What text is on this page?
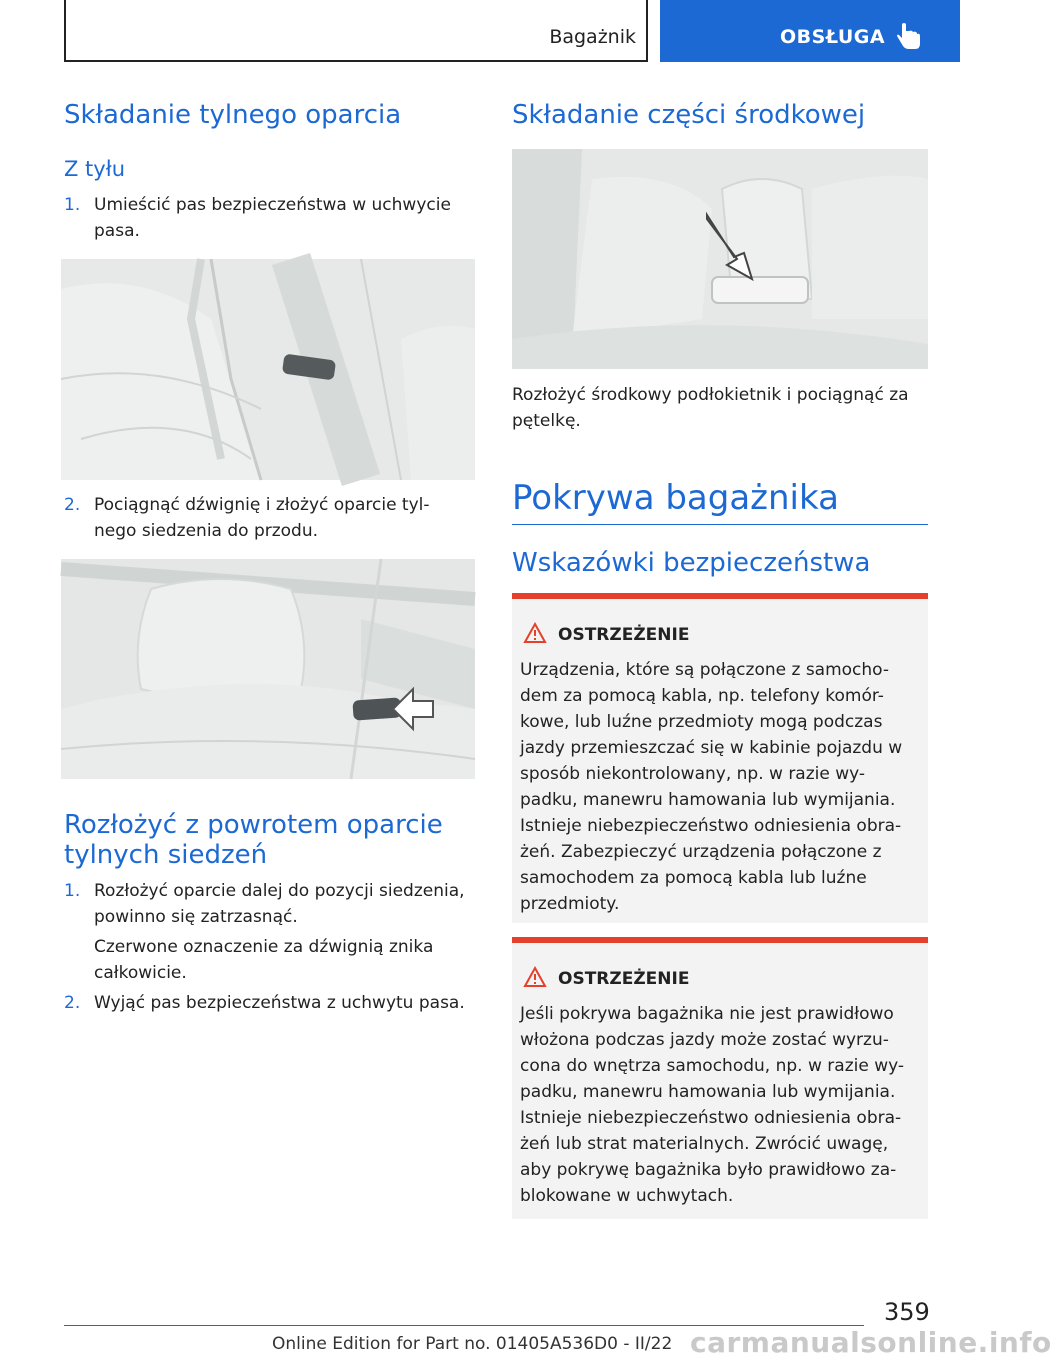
Bagażnik	OBSŁUGA
Składanie tylnego oparcia
Z tyłu
1. Umieścić pas bezpieczeństwa w uchwycie
pasa.
2. Pociągnąć dźwignię i złożyć oparcie tyl-
nego siedzenia do przodu.
Rozłożyć z powrotem oparcie
tylnych siedzeń
1. Rozłożyć oparcie dalej do pozycji siedzenia,
powinno się zatrzasnąć.
Czerwone oznaczenie za dźwignią znika
całkowicie.
2. Wyjąć pas bezpieczeństwa z uchwytu pasa.
Składanie części środkowej
Rozłożyć środkowy podłokietnik i pociągnąć za
pętelkę.
Pokrywa bagażnika
Wskazówki bezpieczeństwa
OSTRZEŻENIE
Urządzenia, które są połączone z samocho-
dem za pomocą kabla, np. telefony komór-
kowe, lub luźne przedmioty mogą podczas
jazdy przemieszczać się w kabinie pojazdu w
sposób niekontrolowany, np. w razie wy-
padku, manewru hamowania lub wymijania.
Istnieje niebezpieczeństwo odniesienia obra-
żeń. Zabezpieczyć urządzenia połączone z
samochodem za pomocą kabla lub luźne
przedmioty.
OSTRZEŻENIE
Jeśli pokrywa bagażnika nie jest prawidłowo
włożona podczas jazdy może zostać wyrzu-
cona do wnętrza samochodu, np. w razie wy-
padku, manewru hamowania lub wymijania.
Istnieje niebezpieczeństwo odniesienia obra-
żeń lub strat materialnych. Zwrócić uwagę,
aby pokrywę bagażnika było prawidłowo za-
blokowane w uchwytach.
359
Online Edition for Part no. 01405A536D0 - II/22 carmanualsonline.info
